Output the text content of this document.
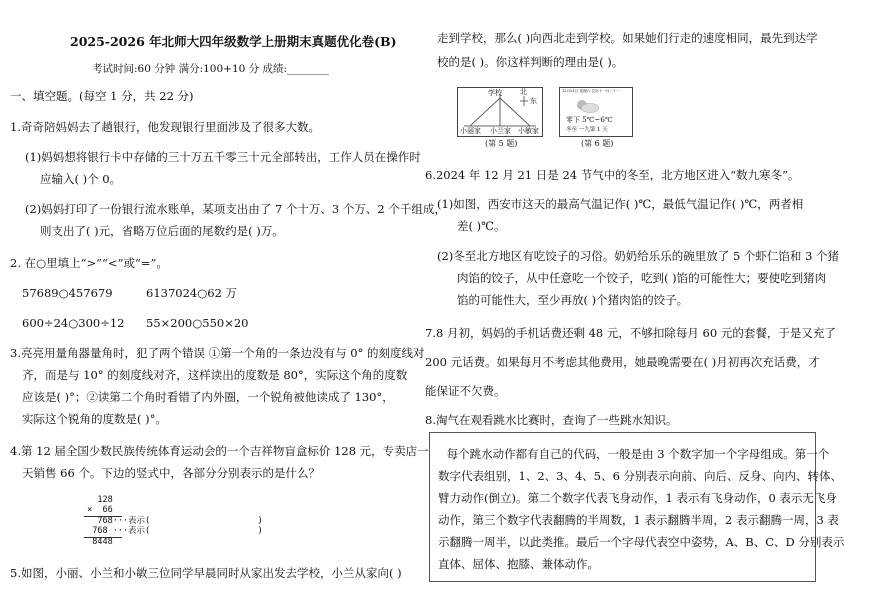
2025-2026 年北师大四年级数学上册期末真题优化卷(B)
考试时间:60 分钟 满分:100+10 分 成绩:________
一、填空题。(每空 1 分，共 22 分)
1.奇奇陪妈妈去了趟银行，他发现银行里面涉及了很多大数。
(1)妈妈想将银行卡中存储的三十万五千零三十元全部转出，工作人员在操作时
应输入( )个 0。
(2)妈妈打印了一份银行流水账单，某项支出由了 7 个十万、3 个万、2 个千组成，
则支出了( )元，省略万位后面的尾数约是( )万。
2. 在○里填上“>”“<”或“=”。
57689○457679	6137024○62 万
600÷24○300÷12 55×200○550×20
3.亮亮用量角器量角时，犯了两个错误 ①第一个角的一条边没有与 0° 的刻度线对
齐，而是与 10° 的刻度线对齐，这样读出的度数是 80°，实际这个角的度数
应该是( )°；②读第二个角时看错了内外圈，一个锐角被他读成了 130°，
实际这个锐角的度数是( )°。
4.第 12 届全国少数民族传统体育运动会的一个吉祥物盲盒标价 128 元，专卖店一
天销售 66 个。下边的竖式中，各部分分别表示的是什么？
128
×  66
768···表示(                     )
768 ···表示(                     )
8448
5.如图，小丽、小兰和小敏三位同学早晨同时从家出发去学校，小兰从家向( )
走到学校，那么( )向西北走到学校。如果她们行走的速度相同，最先到达学
校的是( )。你这样判断的理由是( )。
学校	北
东
小丽家 小兰家 小敏家
(第 5 题)
12月21日 星期六 农历十一月二十一
零下 5℃~6℃
冬至 一九第 1 天
(第 6 题)
6.2024 年 12 月 21 日是 24 节气中的冬至，北方地区进入“数九寒冬”。
(1)如图，西安市这天的最高气温记作( )℃，最低气温记作( )℃，两者相
差( )℃。
(2)冬至北方地区有吃饺子的习俗。奶奶给乐乐的碗里放了 5 个虾仁馅和 3 个猪
肉馅的饺子，从中任意吃一个饺子，吃到( )馅的可能性大；要使吃到猪肉
馅的可能性大，至少再放( )个猪肉馅的饺子。
7.8 月初，妈妈的手机话费还剩 48 元，不够扣除每月 60 元的套餐，于是又充了
200 元话费。如果每月不考虑其他费用，她最晚需要在( )月初再次充话费，才
能保证不欠费。
8.淘气在观看跳水比赛时，查询了一些跳水知识。
每个跳水动作都有自己的代码，一般是由 3 个数字加一个字母组成。第一个
数字代表组别，1、2、3、4、5、6 分别表示向前、向后、反身、向内、转体、
臂力动作(倒立)。第二个数字代表飞身动作，1 表示有飞身动作，0 表示无飞身
动作，第三个数字代表翻腾的半周数，1 表示翻腾半周，2 表示翻腾一周，3 表
示翻腾一周半，以此类推。最后一个字母代表空中姿势，A、B、C、D 分别表示
直体、屈体、抱膝、兼体动作。
